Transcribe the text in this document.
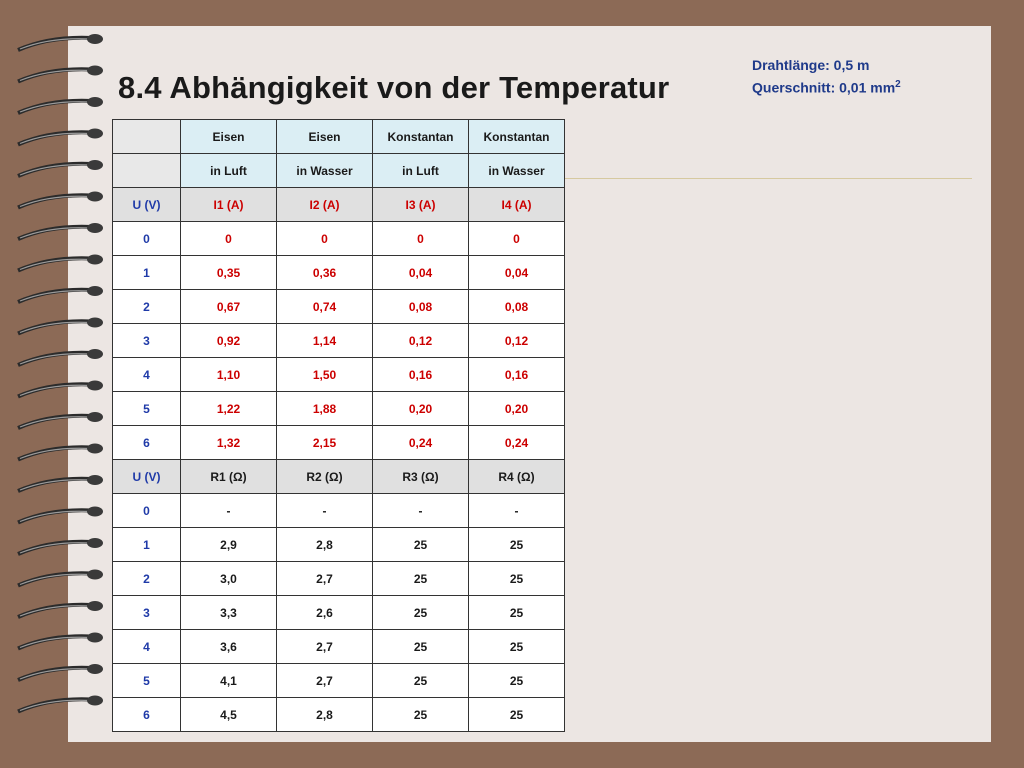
8.4 Abhängigkeit von der Temperatur
Drahtlänge: 0,5 m
Querschnitt: 0,01 $mm^2$
	Eisen	Eisen	Konstantan	Konstantan
	in Luft	in Wasser	in Luft	in Wasser
U (V)	I1 (A)	I2 (A)	I3 (A)	I4 (A)
0	0	0	0	0
1	0,35	0,36	0,04	0,04
2	0,67	0,74	0,08	0,08
3	0,92	1,14	0,12	0,12
4	1,10	1,50	0,16	0,16
5	1,22	1,88	0,20	0,20
6	1,32	2,15	0,24	0,24
U (V)	R1 (Ω)	R2 (Ω)	R3 (Ω)	R4 (Ω)
0	-	-	-	-
1	2,9	2,8	25	25
2	3,0	2,7	25	25
3	3,3	2,6	25	25
4	3,6	2,7	25	25
5	4,1	2,7	25	25
6	4,5	2,8	25	25
